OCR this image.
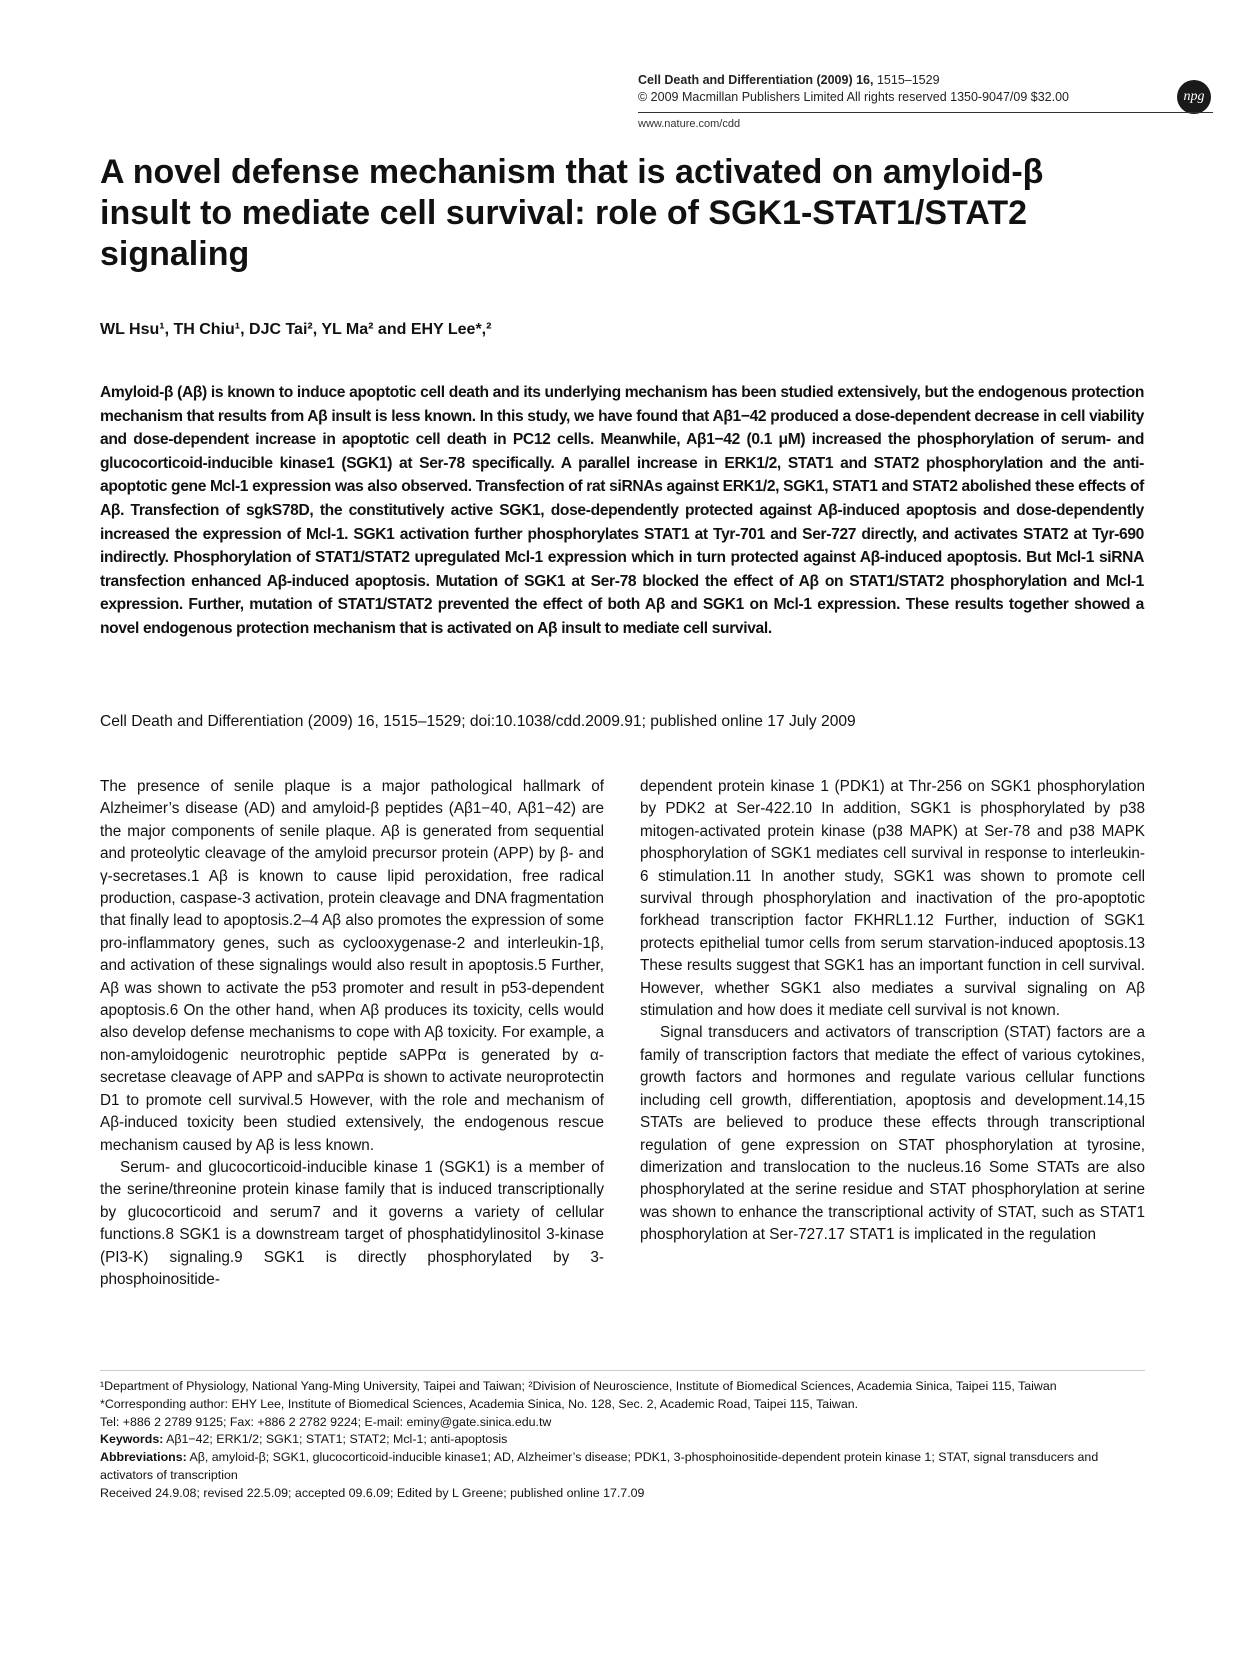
Cell Death and Differentiation (2009) 16, 1515–1529
© 2009 Macmillan Publishers Limited All rights reserved 1350-9047/09 $32.00	npg
www.nature.com/cdd
A novel defense mechanism that is activated on amyloid-β insult to mediate cell survival: role of SGK1-STAT1/STAT2 signaling
WL Hsu¹, TH Chiu¹, DJC Tai², YL Ma² and EHY Lee*,²
Amyloid-β (Aβ) is known to induce apoptotic cell death and its underlying mechanism has been studied extensively, but the endogenous protection mechanism that results from Aβ insult is less known. In this study, we have found that Aβ1−42 produced a dose-dependent decrease in cell viability and dose-dependent increase in apoptotic cell death in PC12 cells. Meanwhile, Aβ1−42 (0.1 μM) increased the phosphorylation of serum- and glucocorticoid-inducible kinase1 (SGK1) at Ser-78 specifically. A parallel increase in ERK1/2, STAT1 and STAT2 phosphorylation and the anti-apoptotic gene Mcl-1 expression was also observed. Transfection of rat siRNAs against ERK1/2, SGK1, STAT1 and STAT2 abolished these effects of Aβ. Transfection of sgkS78D, the constitutively active SGK1, dose-dependently protected against Aβ-induced apoptosis and dose-dependently increased the expression of Mcl-1. SGK1 activation further phosphorylates STAT1 at Tyr-701 and Ser-727 directly, and activates STAT2 at Tyr-690 indirectly. Phosphorylation of STAT1/STAT2 upregulated Mcl-1 expression which in turn protected against Aβ-induced apoptosis. But Mcl-1 siRNA transfection enhanced Aβ-induced apoptosis. Mutation of SGK1 at Ser-78 blocked the effect of Aβ on STAT1/STAT2 phosphorylation and Mcl-1 expression. Further, mutation of STAT1/STAT2 prevented the effect of both Aβ and SGK1 on Mcl-1 expression. These results together showed a novel endogenous protection mechanism that is activated on Aβ insult to mediate cell survival.
Cell Death and Differentiation (2009) 16, 1515–1529; doi:10.1038/cdd.2009.91; published online 17 July 2009

The presence of senile plaque is a major pathological hallmark of Alzheimer’s disease (AD) and amyloid-β peptides (Aβ1−40, Aβ1−42) are the major components of senile plaque. Aβ is generated from sequential and proteolytic cleavage of the amyloid precursor protein (APP) by β- and γ-secretases.1 Aβ is known to cause lipid peroxidation, free radical production, caspase-3 activation, protein cleavage and DNA fragmentation that finally lead to apoptosis.2–4 Aβ also promotes the expression of some pro-inflammatory genes, such as cyclooxygenase-2 and interleukin-1β, and activation of these signalings would also result in apoptosis.5 Further, Aβ was shown to activate the p53 promoter and result in p53-dependent apoptosis.6 On the other hand, when Aβ produces its toxicity, cells would also develop defense mechanisms to cope with Aβ toxicity. For example, a non-amyloidogenic neurotrophic peptide sAPPα is generated by α-secretase cleavage of APP and sAPPα is shown to activate neuroprotectin D1 to promote cell survival.5 However, with the role and mechanism of Aβ-induced toxicity been studied extensively, the endogenous rescue mechanism caused by Aβ is less known.

Serum- and glucocorticoid-inducible kinase 1 (SGK1) is a member of the serine/threonine protein kinase family that is induced transcriptionally by glucocorticoid and serum7 and it governs a variety of cellular functions.8 SGK1 is a downstream target of phosphatidylinositol 3-kinase (PI3-K) signaling.9 SGK1 is directly phosphorylated by 3-phosphoinositide-

dependent protein kinase 1 (PDK1) at Thr-256 on SGK1 phosphorylation by PDK2 at Ser-422.10 In addition, SGK1 is phosphorylated by p38 mitogen-activated protein kinase (p38 MAPK) at Ser-78 and p38 MAPK phosphorylation of SGK1 mediates cell survival in response to interleukin-6 stimulation.11 In another study, SGK1 was shown to promote cell survival through phosphorylation and inactivation of the pro-apoptotic forkhead transcription factor FKHRL1.12 Further, induction of SGK1 protects epithelial tumor cells from serum starvation-induced apoptosis.13 These results suggest that SGK1 has an important function in cell survival. However, whether SGK1 also mediates a survival signaling on Aβ stimulation and how does it mediate cell survival is not known.

Signal transducers and activators of transcription (STAT) factors are a family of transcription factors that mediate the effect of various cytokines, growth factors and hormones and regulate various cellular functions including cell growth, differentiation, apoptosis and development.14,15 STATs are believed to produce these effects through transcriptional regulation of gene expression on STAT phosphorylation at tyrosine, dimerization and translocation to the nucleus.16 Some STATs are also phosphorylated at the serine residue and STAT phosphorylation at serine was shown to enhance the transcriptional activity of STAT, such as STAT1 phosphorylation at Ser-727.17 STAT1 is implicated in the regulation

¹Department of Physiology, National Yang-Ming University, Taipei and Taiwan; ²Division of Neuroscience, Institute of Biomedical Sciences, Academia Sinica, Taipei 115, Taiwan

*Corresponding author: EHY Lee, Institute of Biomedical Sciences, Academia Sinica, No. 128, Sec. 2, Academic Road, Taipei 115, Taiwan.

Tel: +886 2 2789 9125; Fax: +886 2 2782 9224; E-mail: eminy@gate.sinica.edu.tw

Keywords: Aβ1−42; ERK1/2; SGK1; STAT1; STAT2; Mcl-1; anti-apoptosis

Abbreviations: Aβ, amyloid-β; SGK1, glucocorticoid-inducible kinase1; AD, Alzheimer’s disease; PDK1, 3-phosphoinositide-dependent protein kinase 1; STAT, signal transducers and activators of transcription

Received 24.9.08; revised 22.5.09; accepted 09.6.09; Edited by L Greene; published online 17.7.09
